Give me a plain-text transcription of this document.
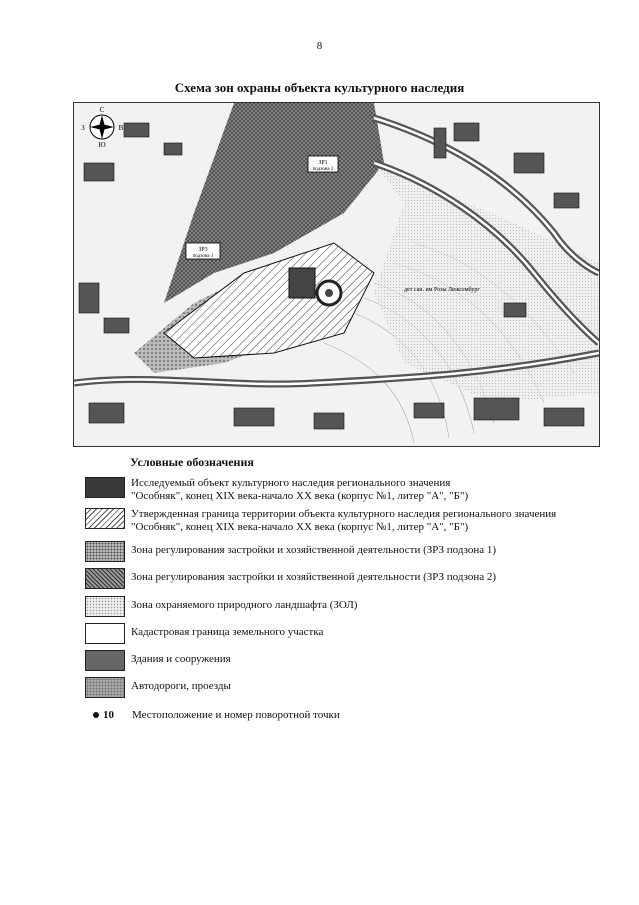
8
Схема зон охраны объекта культурного наследия
ЗР1
подзона 2
ЗР3
подзона 1
дет сан. им Розы Люксембург
С
Ю
З	В
Условные обозначения
Исследуемый объект культурного наследия регионального значения
"Особняк", конец XIX века-начало XX века (корпус №1, литер "А", "Б")
Утвержденная граница территории объекта культурного наследия регионального значения
"Особняк", конец XIX века-начало XX века (корпус №1, литер "А", "Б")
Зона регулирования застройки и хозяйственной деятельности (ЗРЗ подзона 1)
Зона регулирования застройки и хозяйственной деятельности (ЗРЗ подзона 2)
Зона охраняемого природного ландшафта (ЗОЛ)
Кадастровая граница земельного участка
Здания и сооружения
Автодороги, проезды
10 Местоположение и номер поворотной точки
